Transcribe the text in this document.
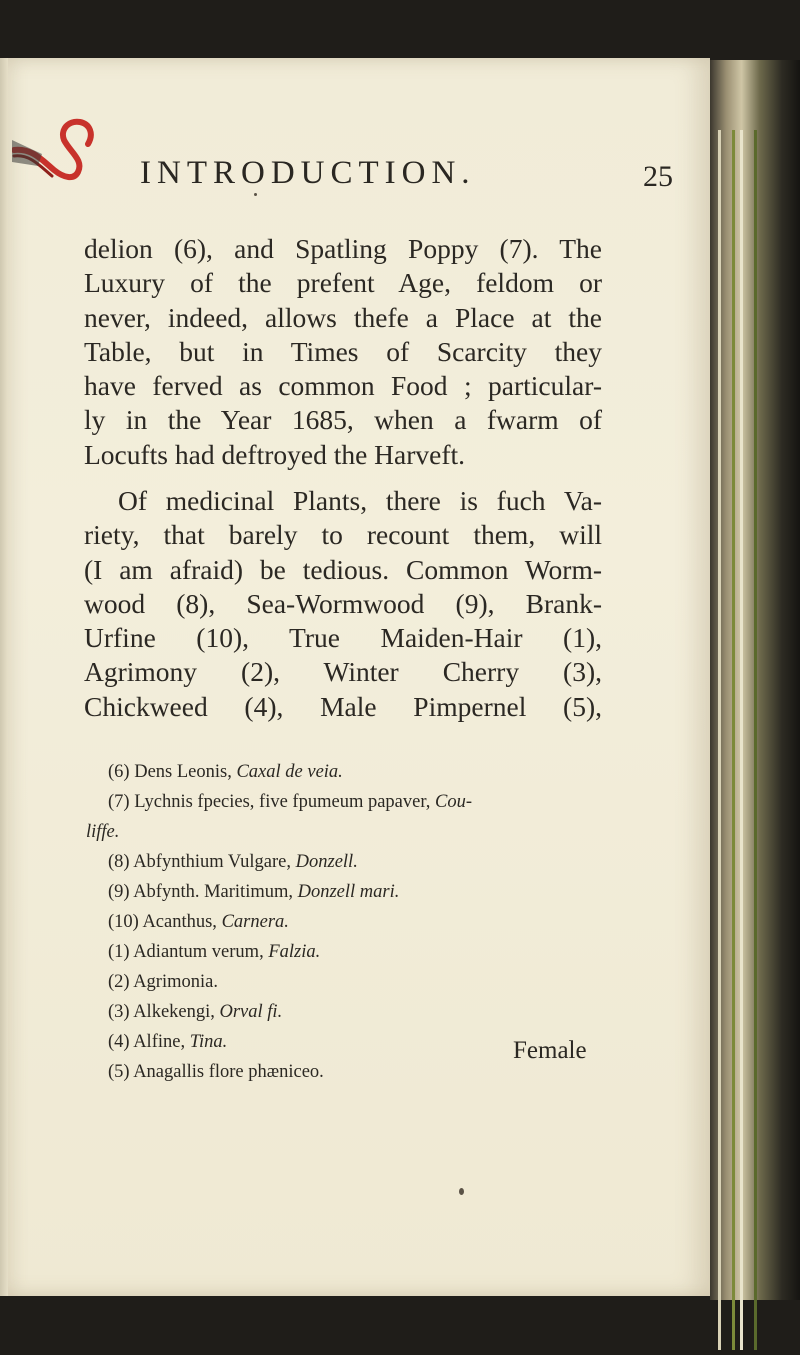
INTRODUCTION.	25
delion (6), and Spatling Poppy (7). The
Luxury of the prefent Age, feldom or
never, indeed, allows thefe a Place at the
Table, but in Times of Scarcity they
have ferved as common Food ; particular-
ly in the Year 1685, when a fwarm of
Locufts had deftroyed the Harveft.
Of medicinal Plants, there is fuch Va-
riety, that barely to recount them, will
(I am afraid) be tedious. Common Worm-
wood (8), Sea-Wormwood (9), Brank-
Urfine (10), True Maiden-Hair (1),
Agrimony (2), Winter Cherry (3),
Chickweed (4), Male Pimpernel (5),
(6) Dens Leonis, Caxal de veia.
(7) Lychnis fpecies, five fpumeum papaver, Cou-
liffe.
(8) Abfynthium Vulgare, Donzell.
(9) Abfynth. Maritimum, Donzell mari.
(10) Acanthus, Carnera.
(1) Adiantum verum, Falzia.
(2) Agrimonia.
(3) Alkekengi, Orval fi.
(4) Alfine, Tina.
(5) Anagallis flore phæniceo.
Female
